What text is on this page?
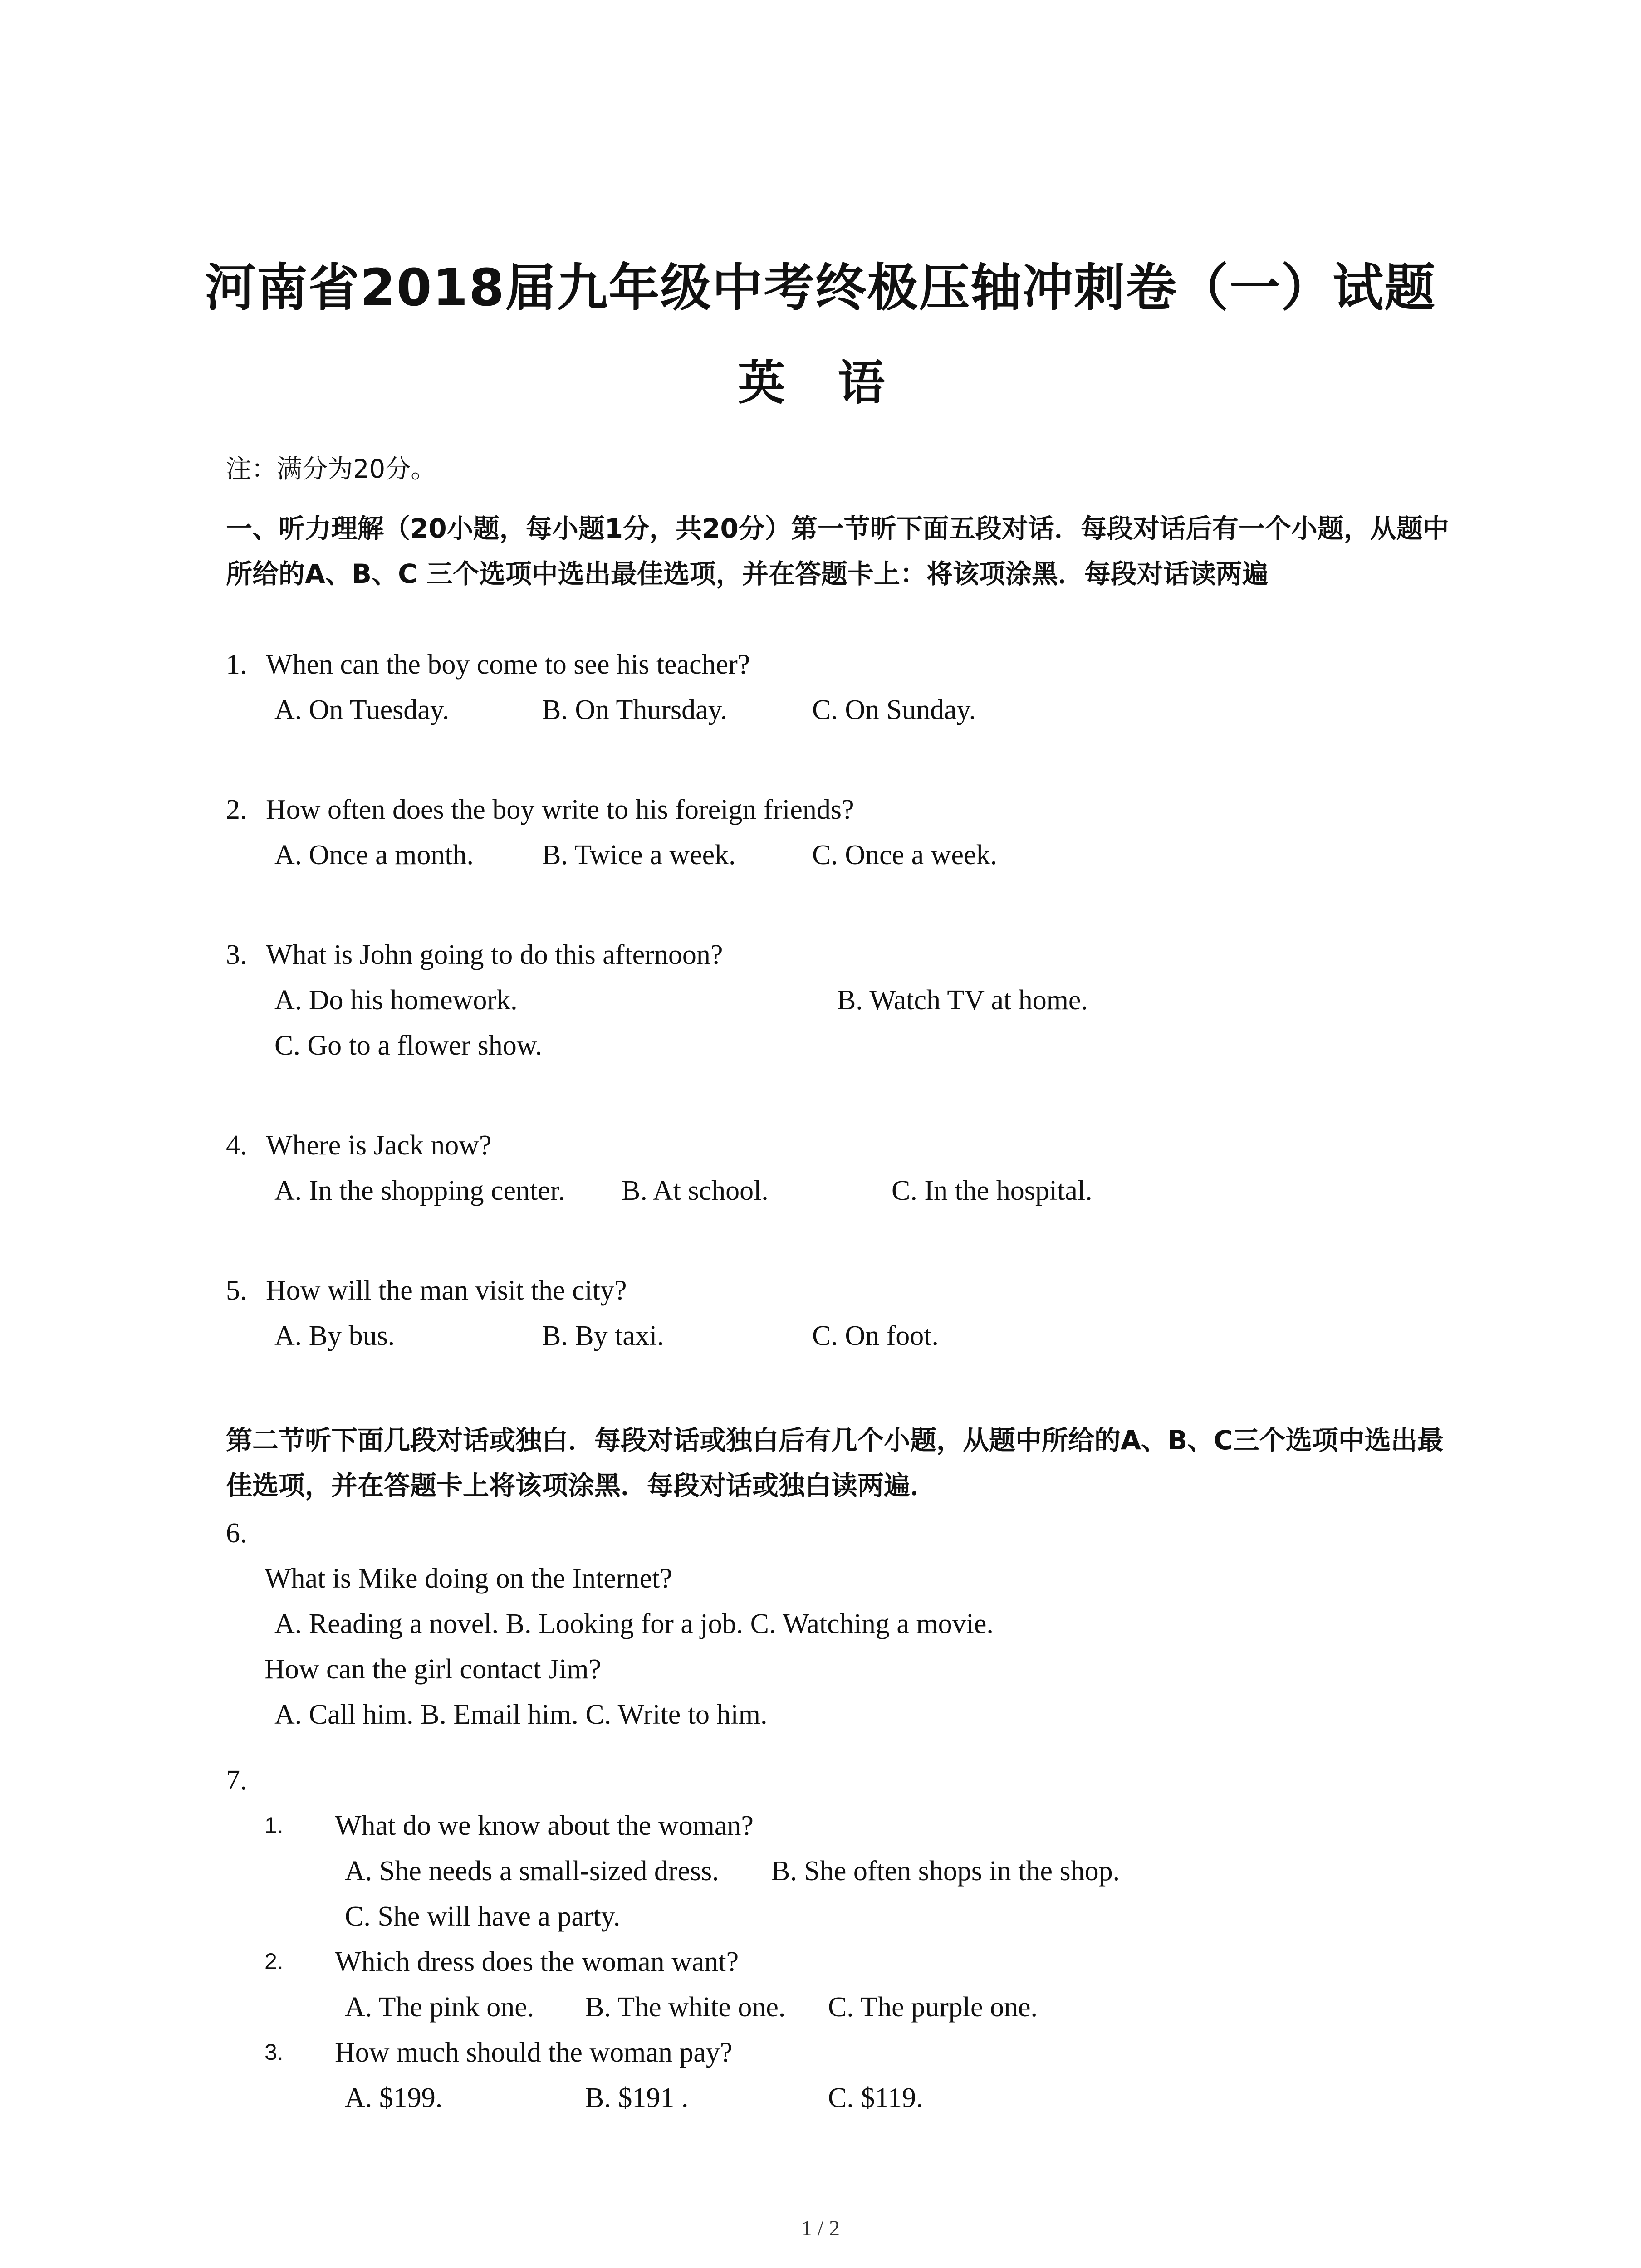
河南省2018届九年级中考终极压轴冲刺卷（一）试题
英 语
注：满分为20分。
一、听力理解（20小题，每小题1分，共20分）第一节昕下面五段对话．每段对话后有一个小题，从题中所给的A、B、C 三个选项中选出最佳选项，并在答题卡上：将该项涂黑．每段对话读两遍
1. When can the boy come to see his teacher?
A. On Tuesday.	B. On Thursday.	C. On Sunday.
2. How often does the boy write to his foreign friends?
A. Once a month. B. Twice a week.	C. Once a week.
3. What is John going to do this afternoon?
A. Do his homework.	B. Watch TV at home.
C. Go to a flower show.
4. Where is Jack now?
A. In the shopping center. B. At school.	C. In the hospital.
5. How will the man visit the city?
A. By bus.	B. By taxi.	C. On foot.
第二节听下面几段对话或独白．每段对话或独白后有几个小题，从题中所给的A、B、C三个选项中选出最佳选项，并在答题卡上将该项涂黑．每段对话或独白读两遍．
6.
What is Mike doing on the Internet?
A. Reading a novel. B. Looking for a job. C. Watching a movie.
How can the girl contact Jim?
A. Call him. B. Email him. C. Write to him.
7.
1. What do we know about the woman?
A. She needs a small-sized dress. B. She often shops in the shop.
C. She will have a party.
2. Which dress does the woman want?
A. The pink one. B. The white one. C. The purple one.
3. How much should the woman pay?
A. $199.	B. $191 .	C. $119.
1 / 2
